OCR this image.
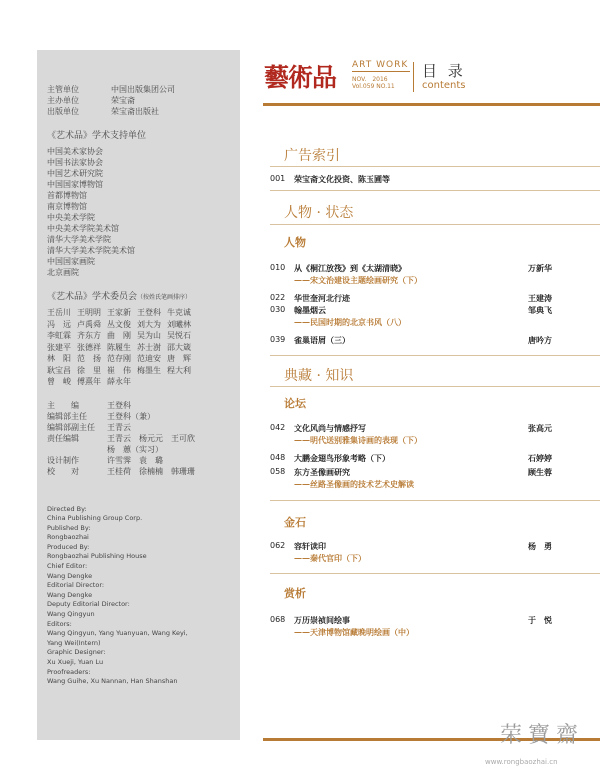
主管单位	中国出版集团公司
主办单位	荣宝斋
出版单位	荣宝斋出版社
《艺术品》学术支持单位
中国美术家协会
中国书法家协会
中国艺术研究院
中国国家博物馆
首都博物馆
南京博物馆
中央美术学院
中央美术学院美术馆
清华大学美术学院
清华大学美术学院美术馆
中国国家画院
北京画院
《艺术品》学术委员会（按姓氏笔画排序）
王岳川 王明明 王家新 王登科 牛克诚
冯　远 卢禹舜 丛文俊 刘大为 刘曦林
李虹霖 齐东方 曲　刚 吴为山 吴悦石
张建平 张德祥 陈履生 苏士澍 邵大箴
林　阳 范　扬 范存刚 范迪安 唐　辉
耿宝昌 徐　里 崔　伟 梅墨生 程大利
曾　峻 傅熹年 薛永年
主　　编	王登科
编辑部主任	王登科（兼）
编辑部副主任	王青云
责任编辑	王青云　杨元元　王可欣
杨　蕙（实习）
设计制作	许雪霁　袁　璐
校　　对	王桂荷　徐楠楠　韩珊珊
Directed By:
China Publishing Group Corp.
Published By:
Rongbaozhai
Produced By:
Rongbaozhai Publishing House
Chief Editor:
Wang Dengke
Editorial Director:
Wang Dengke
Deputy Editorial Director:
Wang Qingyun
Editors:
Wang Qingyun, Yang Yuanyuan, Wang Keyi,
Yang Wei(Intern)
Graphic Designer:
Xu Xueji, Yuan Lu
Proofreaders:
Wang Guihe, Xu Nannan, Han Shanshan
藝術品 ART WORK
NOV.　2016
Vol.059 NO.11
目 录
contents
广告索引
001 荣宝斋文化投资、陈玉圃等
人物 · 状态
人物
010 从《桐江放筏》到《太湖清晓》	万新华
——宋文治建设主题绘画研究（下）
022 华世奎河北行迹	王建涛
030 翰墨烟云	邹典飞
——民国时期的北京书风（八）
039 雀巢语屑（三）	唐吟方
典藏 · 知识
论坛
042 文化风尚与情感抒写	张高元
——明代送别雅集诗画的表现（下）
048 大鹏金翅鸟形象考略（下）	石婷婷
058 东方圣像画研究	顾生蓉
——丝路圣像画的技术艺术史解读
金石
062 容轩读印	杨　勇
——秦代官印（下）
赏析
068 万历崇祯间绘事	于　悦
——天津博物馆藏晚明绘画（中）
荣寶齋
www.rongbaozhai.cn
